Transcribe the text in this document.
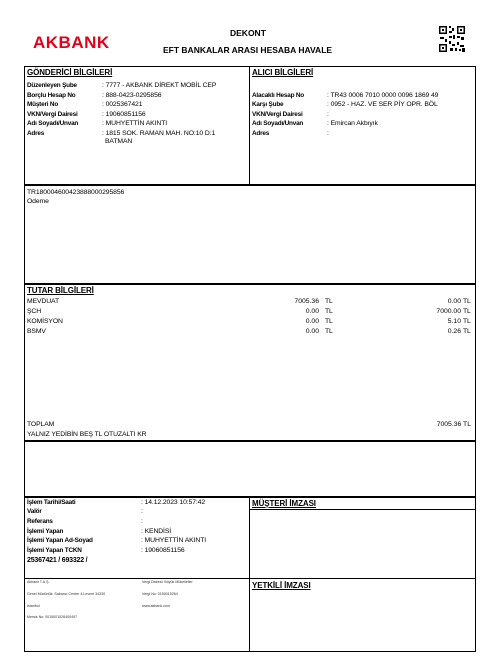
AKBANK	DEKONT
EFT BANKALAR ARASI HESABA HAVALE
GÖNDERİCİ BİLGİLERİ	ALICI BİLGİLERİ
Düzenleyen Şube	: 7777 - AKBANK DİREKT MOBİL CEP
Borçlu Hesap No	: 888-0423-0295856
Müşteri No	: 0025367421
VKN/Vergi Dairesi	: 19060851156
Adı Soyadı/Unvan	: MUHYETTİN AKINTI
Adres	: 1815 SOK. RAMAN MAH. NO:10 D:1
BATMAN
Alacaklı Hesap No	: TR43 0006 7010 0000 0096 1869 49
Karşı Şube	: 0952 - HAZ. VE SER PİY OPR. BÖL
VKN/Vergi Dairesi	:
Adı Soyadı/Unvan	: Emircan Akbıyık
Adres	:
TR180004600423888000295856
Odeme
TUTAR BİLGİLERİ
MEVDUAT	7005.36 TL	0.00 TL
ŞCH	0.00 TL	7000.00 TL
KOMİSYON	0.00 TL	5.10 TL
BSMV	0.00 TL	0.26 TL
TOPLAM	7005.36 TL
YALNIZ YEDİBİN BEŞ TL OTUZALTI KR
İşlem Tarihi/Saati	: 14.12.2023 10:57:42
Valör	:
Referans	:
İşlemi Yapan	: KENDİSİ
İşlemi Yapan Ad-Soyad	: MUHYETTİN AKINTI
İşlemi Yapan TCKN	: 19060851156
25367421 / 693322 /
MÜŞTERİ İMZASI
YETKİLİ İMZASI
Akbank T.A.Ş.
Genel Müdürlük: Sabancı Center 4.Levent 34330
İstanbul
Mersis No: 0015001526400497
Vergi Dairesi: Büyük Mükellefler
Vergi No: 0150015264
www.akbank.com
